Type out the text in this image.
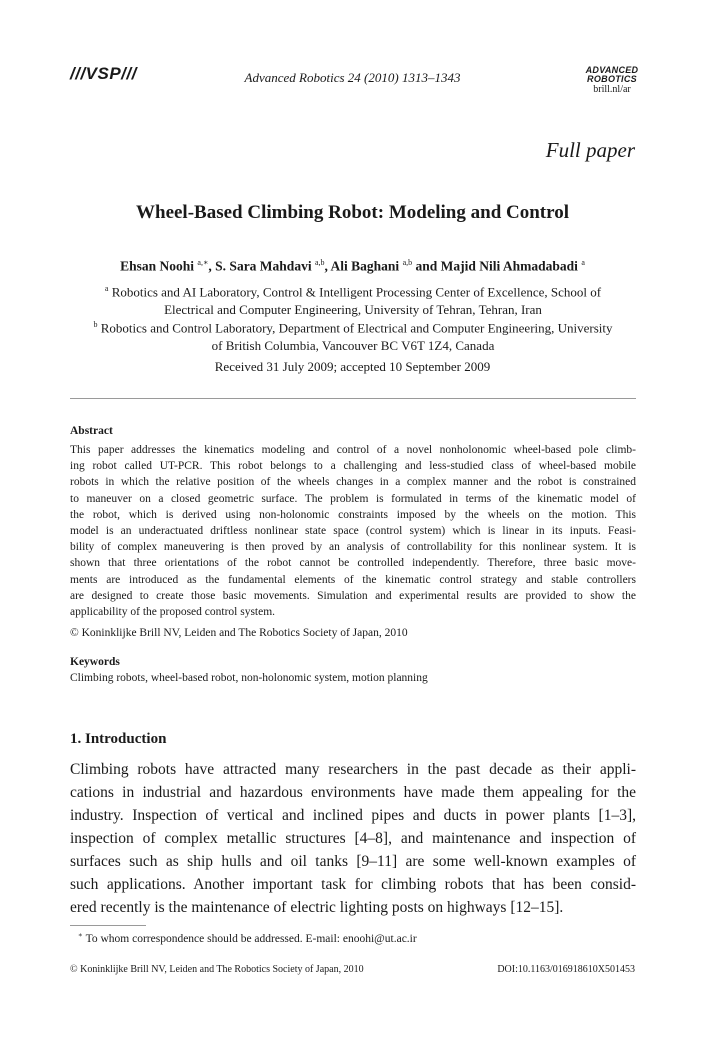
///VSP///	Advanced Robotics 24 (2010) 1313–1343	ADVANCED
ROBOTICS
brill.nl/ar
Full paper
Wheel-Based Climbing Robot: Modeling and Control
Ehsan Noohi $^{a,∗}$, S. Sara Mahdavi $^{a,b}$, Ali Baghani $^{a,b}$ and Majid Nili Ahmadabadi $^a$
$^a$ Robotics and AI Laboratory, Control & Intelligent Processing Center of Excellence, School of
Electrical and Computer Engineering, University of Tehran, Tehran, Iran
$^b$ Robotics and Control Laboratory, Department of Electrical and Computer Engineering, University
of British Columbia, Vancouver BC V6T 1Z4, Canada
Received 31 July 2009; accepted 10 September 2009
Abstract
This paper addresses the kinematics modeling and control of a novel nonholonomic wheel-based pole climb-
ing robot called UT-PCR. This robot belongs to a challenging and less-studied class of wheel-based mobile
robots in which the relative position of the wheels changes in a complex manner and the robot is constrained
to maneuver on a closed geometric surface. The problem is formulated in terms of the kinematic model of
the robot, which is derived using non-holonomic constraints imposed by the wheels on the motion. This
model is an underactuated driftless nonlinear state space (control system) which is linear in its inputs. Feasi-
bility of complex maneuvering is then proved by an analysis of controllability for this nonlinear system. It is
shown that three orientations of the robot cannot be controlled independently. Therefore, three basic move-
ments are introduced as the fundamental elements of the kinematic control strategy and stable controllers
are designed to create those basic movements. Simulation and experimental results are provided to show the
applicability of the proposed control system.
© Koninklijke Brill NV, Leiden and The Robotics Society of Japan, 2010
Keywords
Climbing robots, wheel-based robot, non-holonomic system, motion planning
1. Introduction
Climbing robots have attracted many researchers in the past decade as their appli-
cations in industrial and hazardous environments have made them appealing for the
industry. Inspection of vertical and inclined pipes and ducts in power plants [1–3],
inspection of complex metallic structures [4–8], and maintenance and inspection of
surfaces such as ship hulls and oil tanks [9–11] are some well-known examples of
such applications. Another important task for climbing robots that has been consid-
ered recently is the maintenance of electric lighting posts on highways [12–15].
∗ To whom correspondence should be addressed. E-mail: enoohi@ut.ac.ir
© Koninklijke Brill NV, Leiden and The Robotics Society of Japan, 2010	DOI:10.1163/016918610X501453
